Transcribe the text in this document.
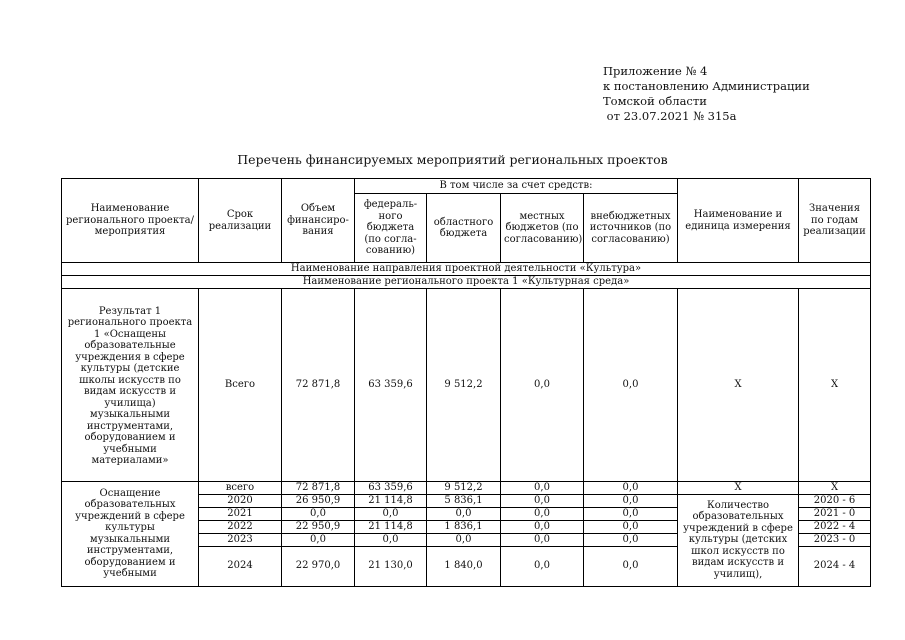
Приложение № 4
к постановлению Администрации
Томской области
от 23.07.2021 № 315а
Перечень финансируемых мероприятий региональных проектов
Наименование регионального проекта/ мероприятия	Срок реализации	Объем финансиро-вания	В том числе за счет средств:				Наименование и единица измерения	Значения по годам реализации
			федераль-ного бюджета (по согла-сованию)	областного бюджета	местных бюджетов (по согласованию)	внебюджетных источников (по согласованию)		
Наименование направления проектной деятельности «Культура»								
Наименование регионального проекта 1 «Культурная среда»								
Результат 1 регионального проекта 1 «Оснащены образовательные учреждения в сфере культуры (детские школы искусств по видам искусств и училища) музыкальными инструментами, оборудованием и учебными материалами»	Всего	72 871,8	63 359,6	9 512,2	0,0	0,0	Х	Х
Оснащение образовательных учреждений в сфере культуры музыкальными инструментами, оборудованием и учебными	всего	72 871,8	63 359,6	9 512,2	0,0	0,0	Х	Х
	2020	26 950,9	21 114,8	5 836,1	0,0	0,0	Количество образовательных учреждений в сфере культуры (детских школ искусств по видам искусств и училищ),	2020 - 6
	2021	0,0	0,0	0,0	0,0	0,0		2021 - 0
	2022	22 950,9	21 114,8	1 836,1	0,0	0,0		2022 - 4
	2023	0,0	0,0	0,0	0,0	0,0		2023 - 0
	2024	22 970,0	21 130,0	1 840,0	0,0	0,0		2024 - 4
